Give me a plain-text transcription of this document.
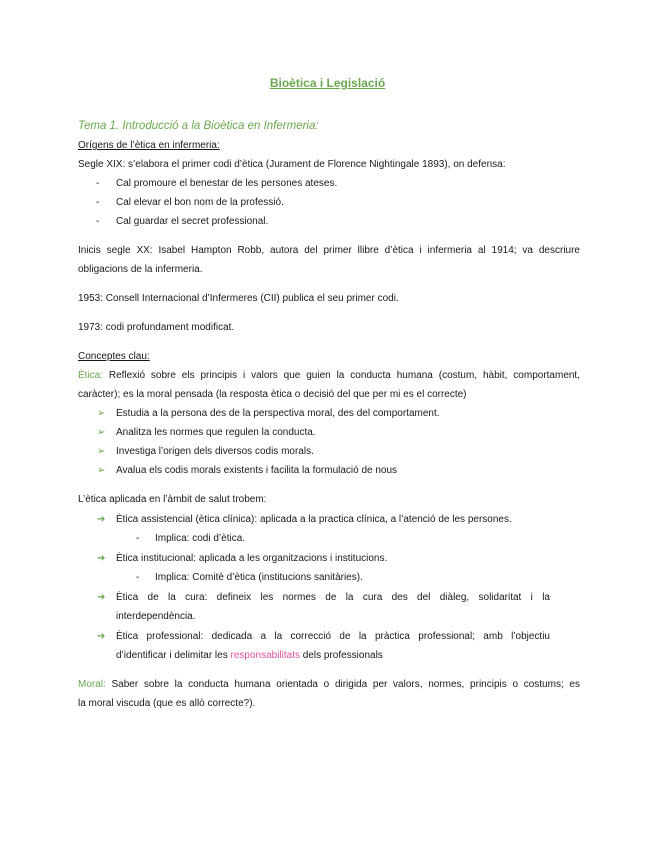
Bioètica i Legislació
Tema 1. Introducció a la Bioètica en Infermeria:
Orígens de l’ètica en infermeria:
Segle XIX: s’elabora el primer codi d’ètica (Jurament de Florence Nightingale 1893), on defensa:
- Cal promoure el benestar de les persones ateses.
- Cal elevar el bon nom de la professió.
- Cal guardar el secret professional.
Inicis segle XX: Isabel Hampton Robb, autora del primer llibre d’ètica i infermeria al 1914; va descriure
obligacions de la infermeria.
1953: Consell Internacional d’Infermeres (CII) publica el seu primer codi.
1973: codi profundament modificat.
Conceptes clau:
Ètica: Reflexió sobre els principis i valors que guien la conducta humana (costum, hàbit, comportament,
caràcter); es la moral pensada (la resposta ètica o decisió del que per mi es el correcte)
➢ Estudia a la persona des de la perspectiva moral, des del comportament.
➢ Analitza les normes que regulen la conducta.
➢ Investiga l’origen dels diversos codis morals.
➢ Avalua els codis morals existents i facilita la formulació de nous
L’ètica aplicada en l’àmbit de salut trobem:
➔ Ètica assistencial (ètica clínica): aplicada a la practica clínica, a l’atenció de les persones.
- Implica: codi d’ètica.
➔ Ètica institucional: aplicada a les organitzacions i institucions.
- Implica: Comitè d’ètica (institucions sanitàries).
➔ Ètica de la cura: defineix les normes de la cura des del diàleg, solidaritat i la
interdependència.
➔ Ètica professional: dedicada a la correcció de la pràctica professional; amb l’objectiu
d’identificar i delimitar les responsabilitats dels professionals
Moral: Saber sobre la conducta humana orientada o dirigida per valors, normes, principis o costums; es
la moral viscuda (que es allò correcte?).
